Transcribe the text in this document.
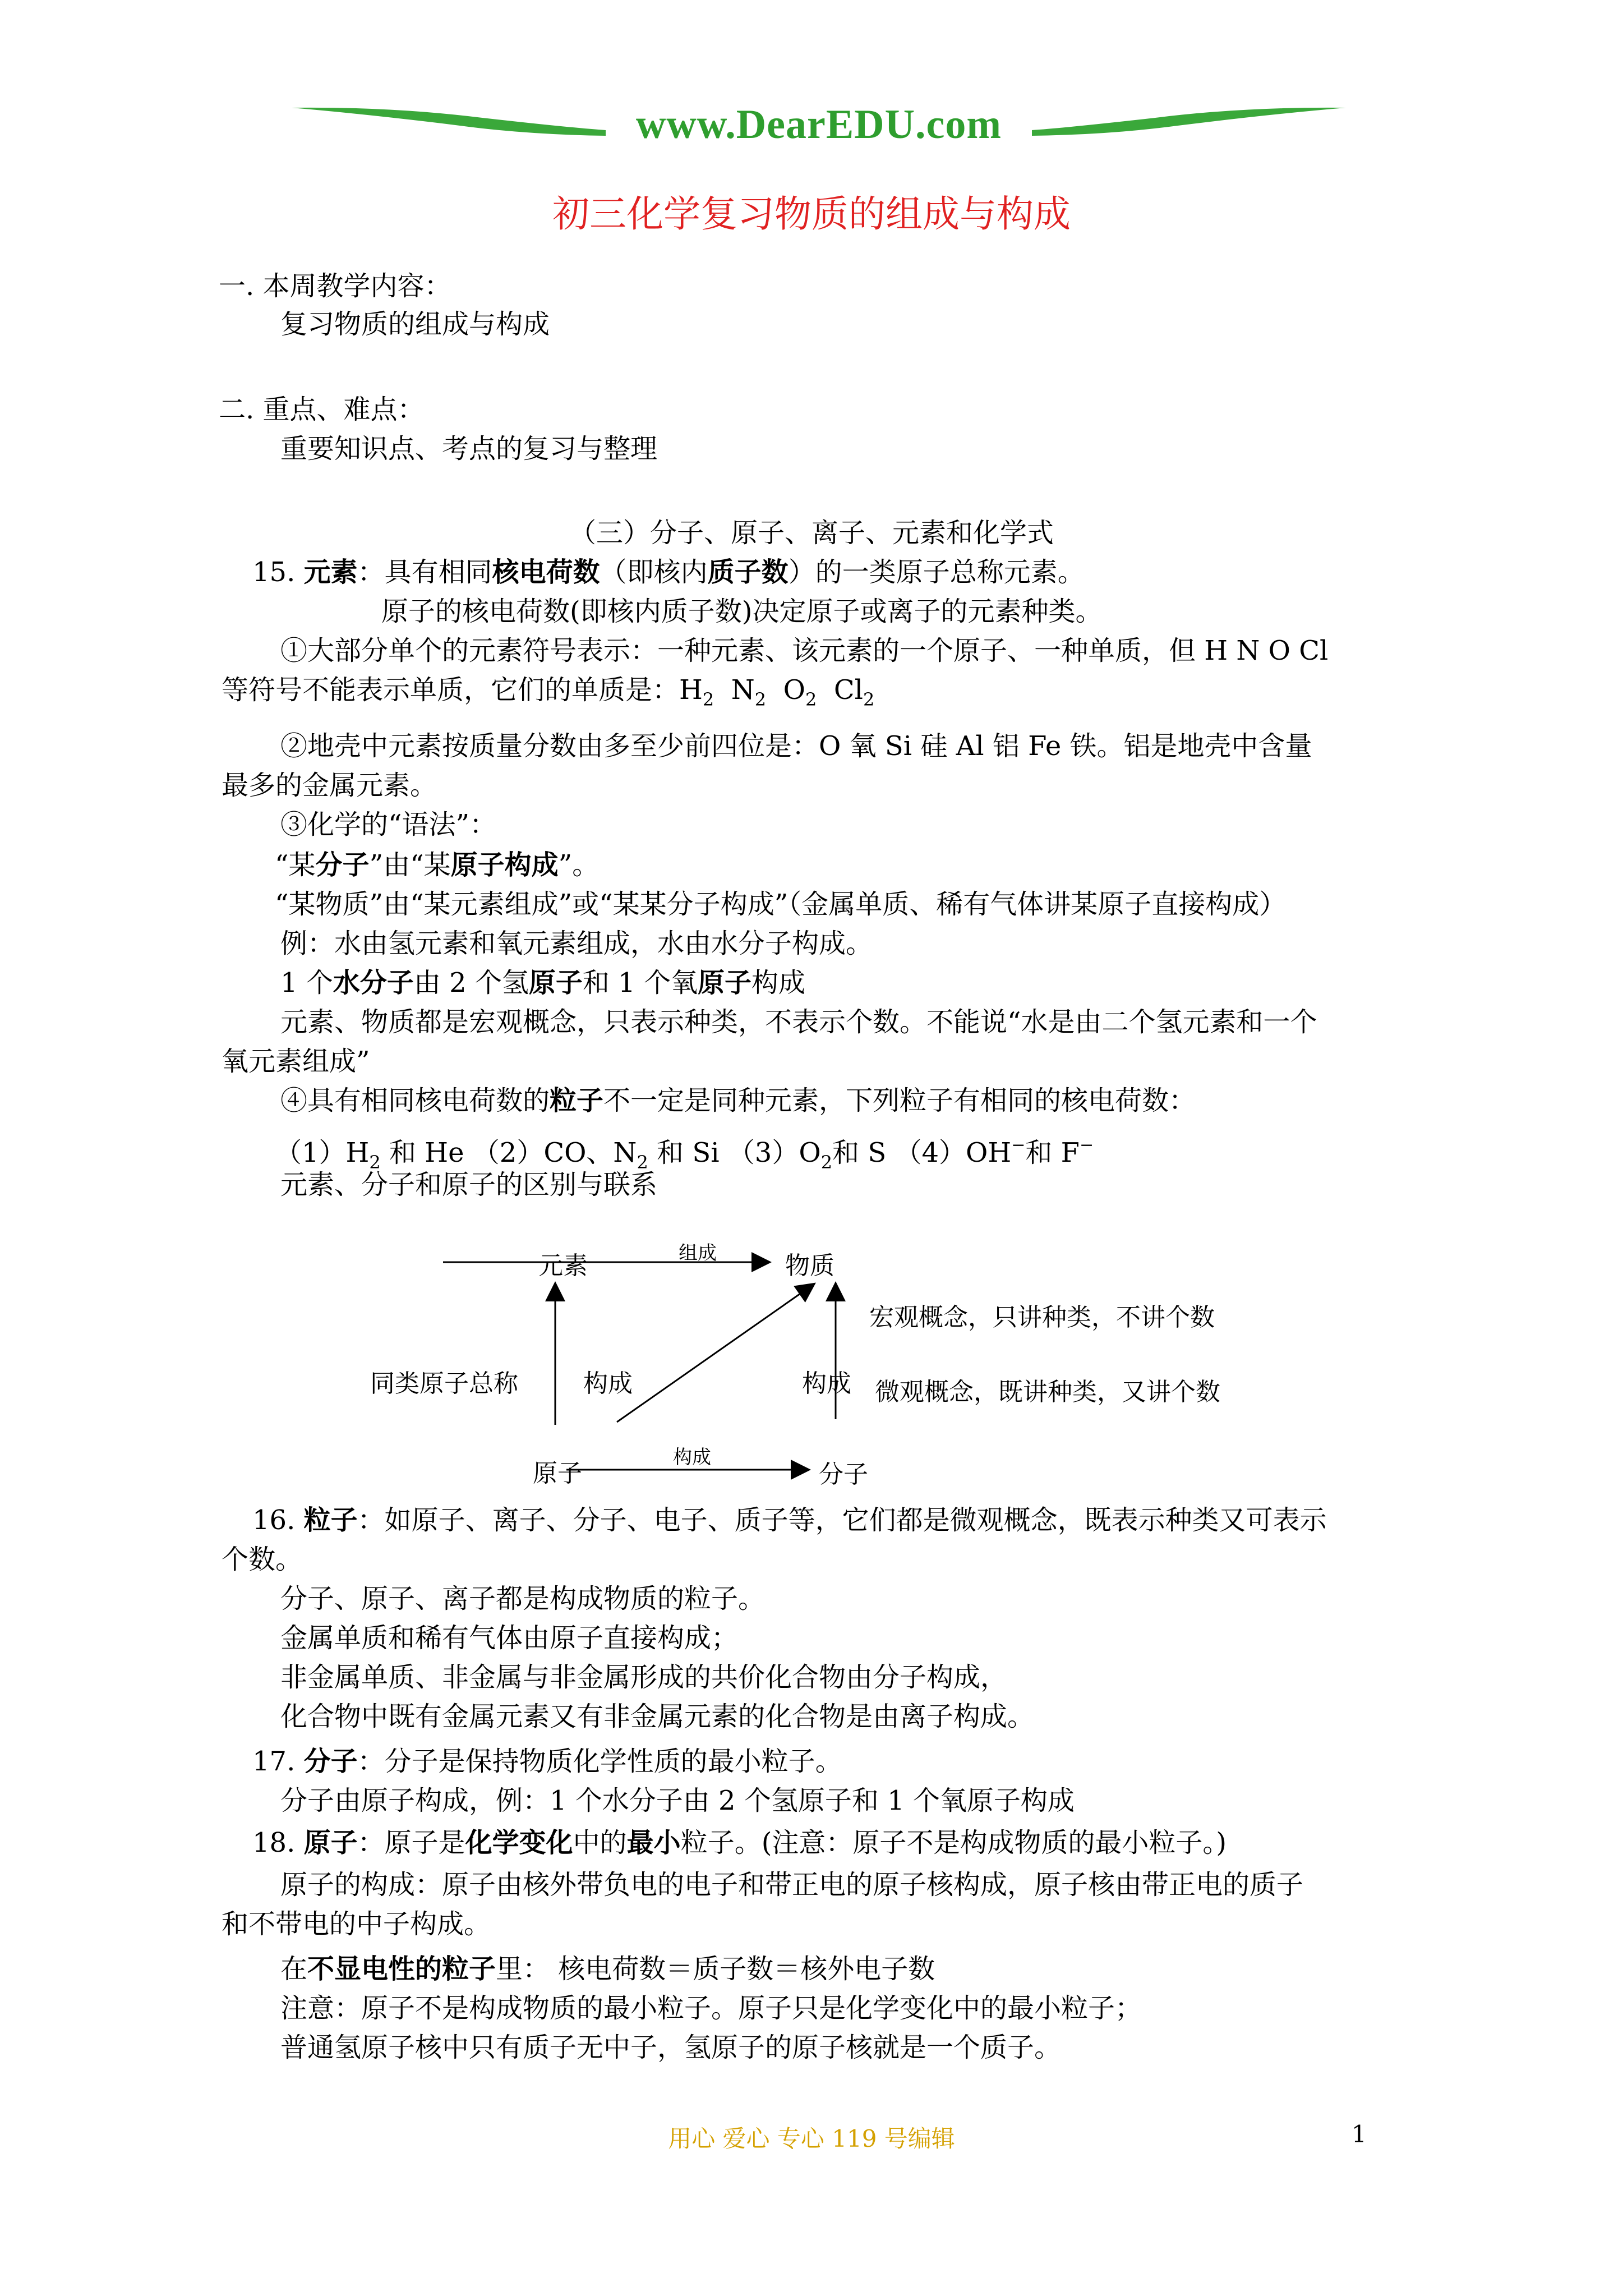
www.DearEDU.com
初三化学复习物质的组成与构成
一. 本周教学内容：
复习物质的组成与构成
二. 重点、难点：
重要知识点、考点的复习与整理
（三）分子、原子、离子、元素和化学式
15. 元素：具有相同核电荷数（即核内质子数）的一类原子总称元素。
原子的核电荷数(即核内质子数)决定原子或离子的元素种类。
①大部分单个的元素符号表示：一种元素、该元素的一个原子、一种单质，但 H N O Cl
等符号不能表示单质，它们的单质是：$H_2$ $N_2$ $O_2$ $Cl_2$
②地壳中元素按质量分数由多至少前四位是：O 氧 Si 硅 Al 铝 Fe 铁。铝是地壳中含量
最多的金属元素。
③化学的“语法”：
“某分子”由“某原子构成”。
“某物质”由“某元素组成”或“某某分子构成”（金属单质、稀有气体讲某原子直接构成）
例：水由氢元素和氧元素组成，水由水分子构成。
1 个水分子由 2 个氢原子和 1 个氧原子构成
元素、物质都是宏观概念，只表示种类，不表示个数。不能说“水是由二个氢元素和一个
氧元素组成”
④具有相同核电荷数的粒子不一定是同种元素，下列粒子有相同的核电荷数：
$(1)H_2$ 和 He （2）CO、$N_2$ 和 Si $(3)O_2$和 S （4）OH−和 F−
元素、分子和原子的区别与联系
元素	组成	物质
宏观概念，只讲种类，不讲个数
同类原子总称	构成	构成 微观概念，既讲种类，又讲个数
原子
构成
分子
16. 粒子：如原子、离子、分子、电子、质子等，它们都是微观概念，既表示种类又可表示
个数。
分子、原子、离子都是构成物质的粒子。
金属单质和稀有气体由原子直接构成；
非金属单质、非金属与非金属形成的共价化合物由分子构成，
化合物中既有金属元素又有非金属元素的化合物是由离子构成。
17. 分子：分子是保持物质化学性质的最小粒子。
分子由原子构成，例：1 个水分子由 2 个氢原子和 1 个氧原子构成
18. 原子：原子是化学变化中的最小粒子。(注意：原子不是构成物质的最小粒子。)
原子的构成：原子由核外带负电的电子和带正电的原子核构成，原子核由带正电的质子
和不带电的中子构成。
在不显电性的粒子里： 核电荷数＝质子数＝核外电子数
注意：原子不是构成物质的最小粒子。原子只是化学变化中的最小粒子；
普通氢原子核中只有质子无中子，氢原子的原子核就是一个质子。
用心 爱心 专心 119 号编辑	1
